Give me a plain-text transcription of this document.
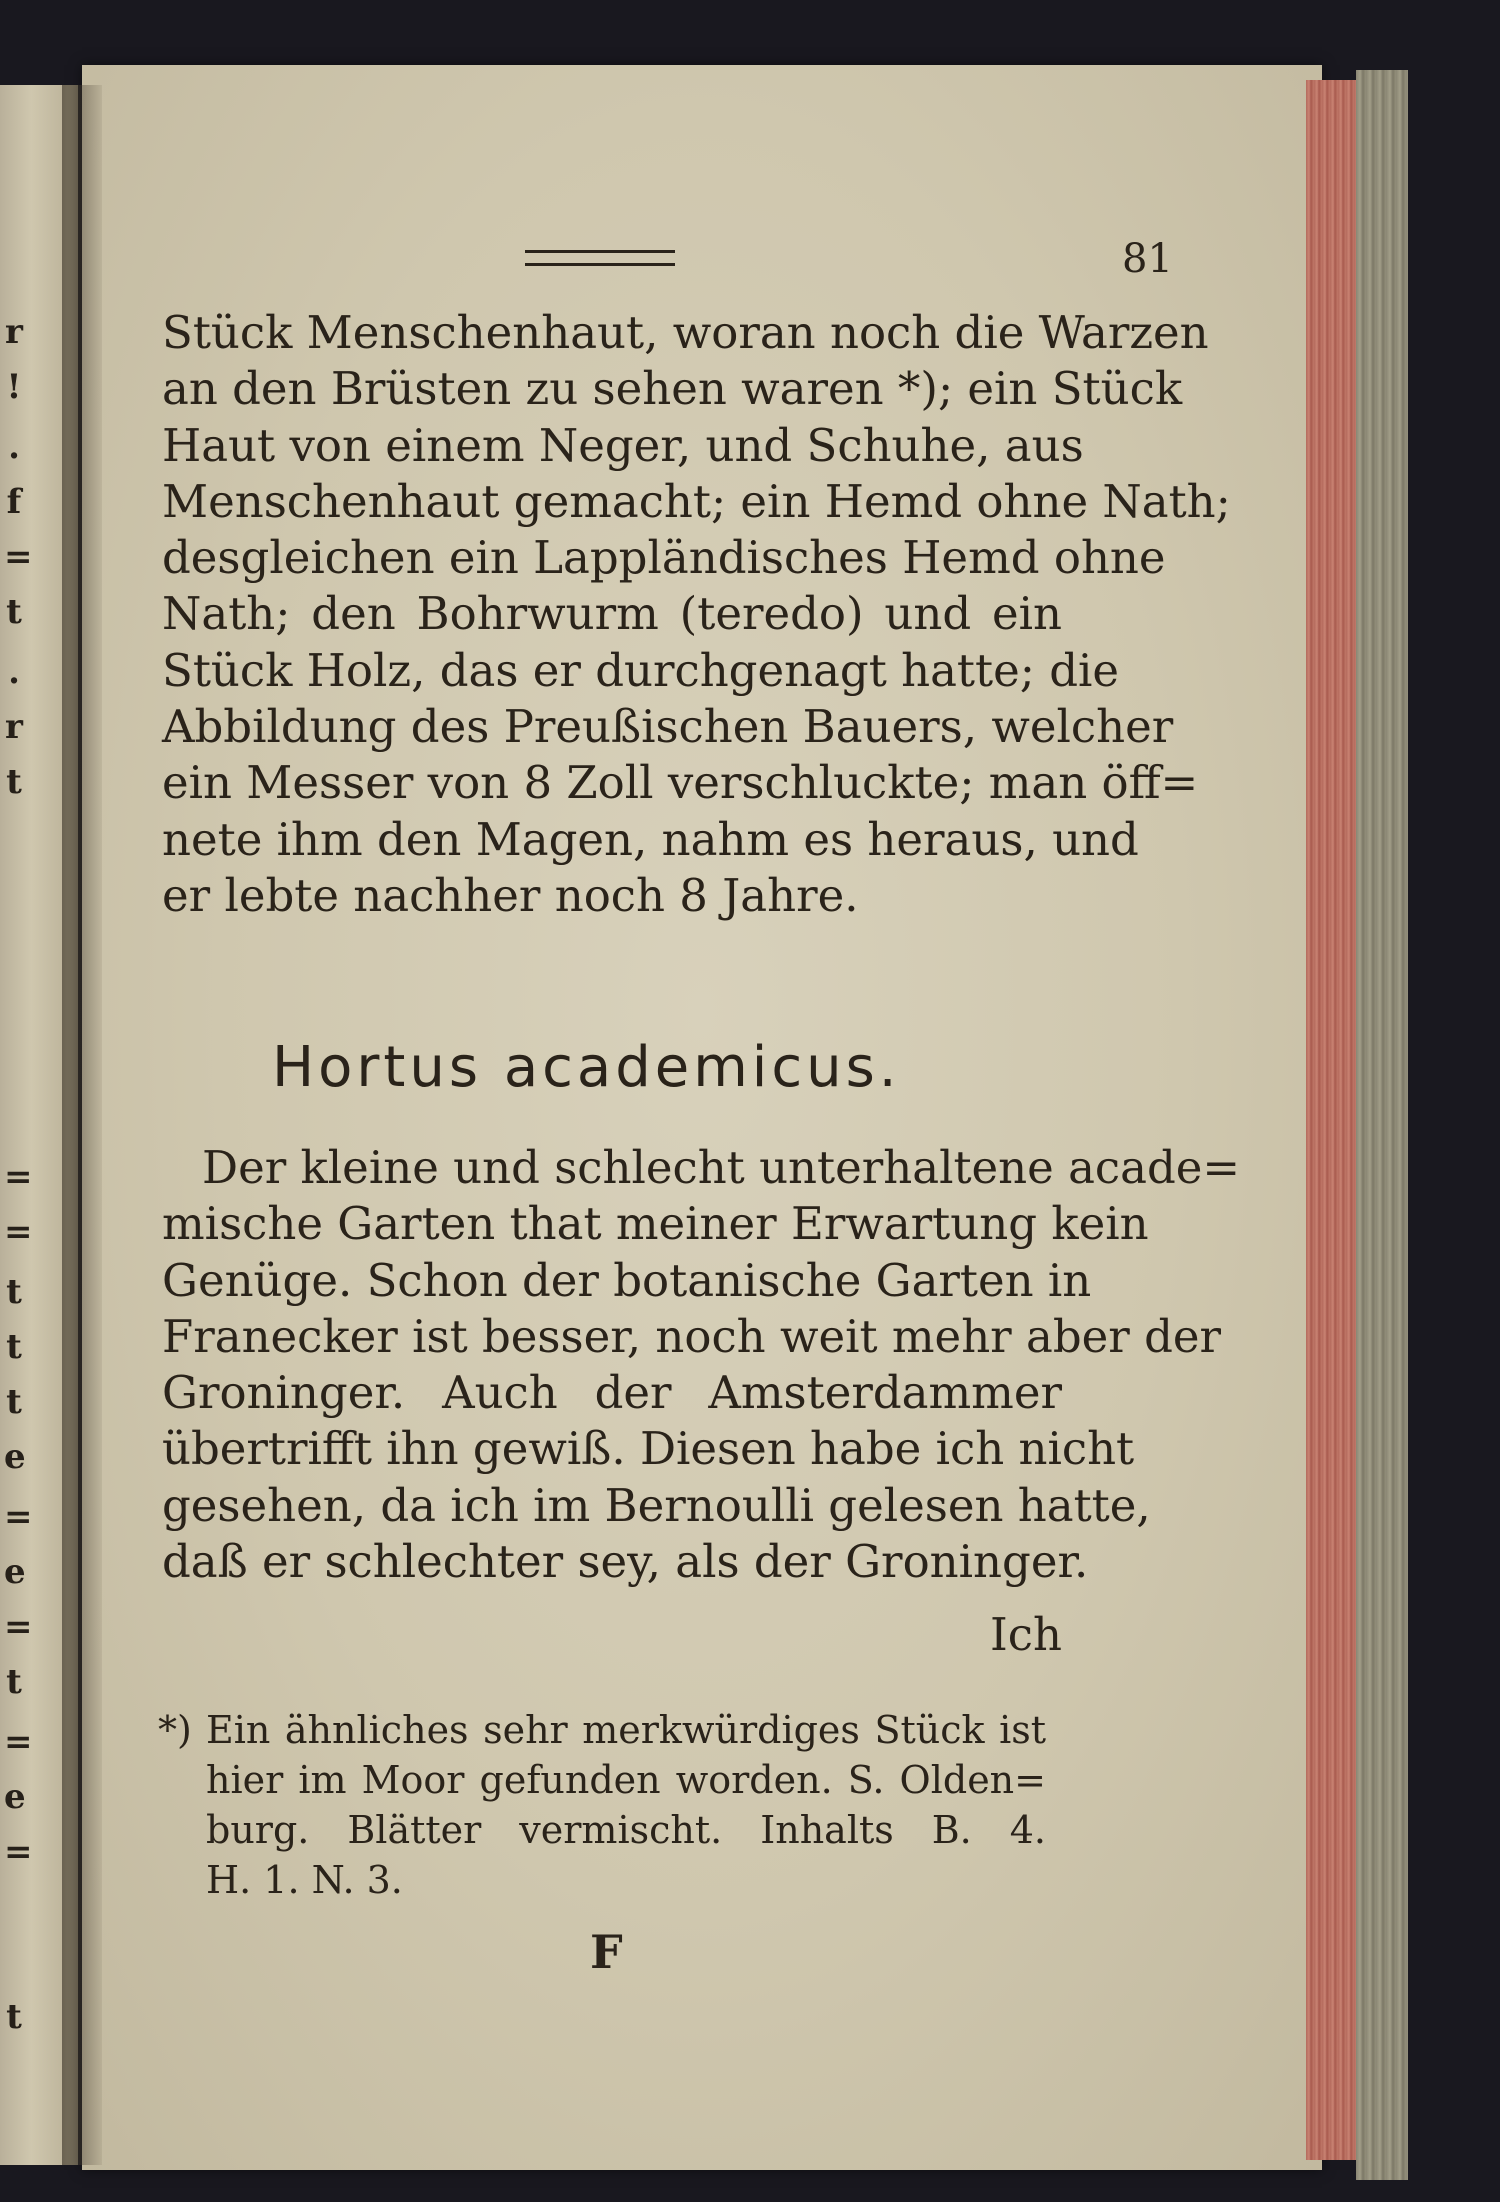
r
!
.
f
=
t
.
r
t
=
=
t
t
t
e
=
e
=
t
=
e
=
t
81

Stück Menschenhaut, woran noch die Warzen
an den Brüsten zu sehen waren *); ein Stück
Haut von einem Neger, und Schuhe, aus
Menschenhaut gemacht; ein Hemd ohne Nath;
desgleichen ein Lappländisches Hemd ohne
Nath; den Bohrwurm (teredo) und ein
Stück Holz, das er durchgenagt hatte; die
Abbildung des Preußischen Bauers, welcher
ein Messer von 8 Zoll verschluckte; man öff=
nete ihm den Magen, nahm es heraus, und
er lebte nachher noch 8 Jahre.

Hortus academicus.

Der kleine und schlecht unterhaltene acade=
mische Garten that meiner Erwartung kein
Genüge. Schon der botanische Garten in
Franecker ist besser, noch weit mehr aber der
Groninger. Auch der Amsterdammer
übertrifft ihn gewiß. Diesen habe ich nicht
gesehen, da ich im Bernoulli gelesen hatte,
daß er schlechter sey, als der Groninger.

Ich
*) Ein ähnliches sehr merkwürdiges Stück ist
hier im Moor gefunden worden. S. Olden=
burg. Blätter vermischt. Inhalts B. 4.
H. 1. N. 3.
F
